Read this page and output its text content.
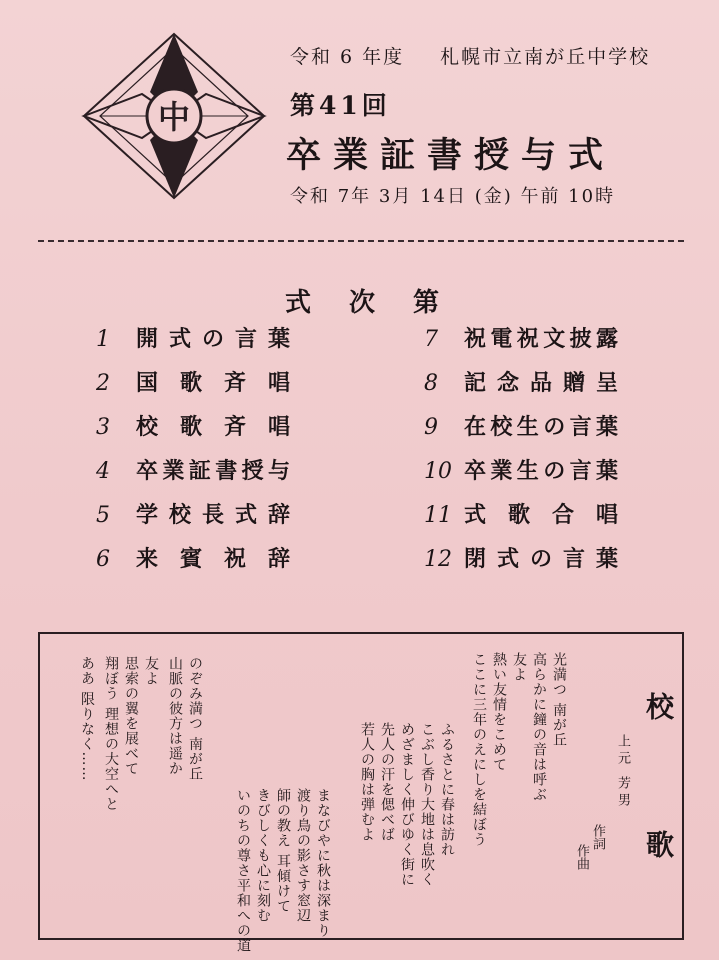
中
令和 6 年度 札幌市立南が丘中学校
第41回
卒業証書授与式
令和 7年 3月 14日 (金) 午前 10時
式次第
1 開式の言葉
2 国歌斉唱
3 校歌斉唱
4 卒業証書授与
5 学校長式辞
6 来賓祝辞
7 祝電祝文披露
8 記念品贈呈
9 在校生の言葉
10 卒業生の言葉
11 式歌合唱
12 閉式の言葉
校
歌
上元 芳男
作詞
作曲
光満つ 南が丘
高らかに鐘の音は呼ぶ
友よ
熱い友情をこめて
ここに三年のえにしを結ぼう
ふるさとに春は訪れ
こぶし香り大地は息吹く
めざましく伸びゆく街に
先人の汗を偲べば
若人の胸は弾むよ
まなびやに秋は深まり
渡り鳥の影さす窓辺
師の教え 耳傾けて
きびしくも心に刻む
いのちの尊さ平和への道
のぞみ満つ 南が丘
山脈の彼方は遥か
友よ
思索の翼を展べて
翔ぼう 理想の大空へと
ああ 限りなく……
